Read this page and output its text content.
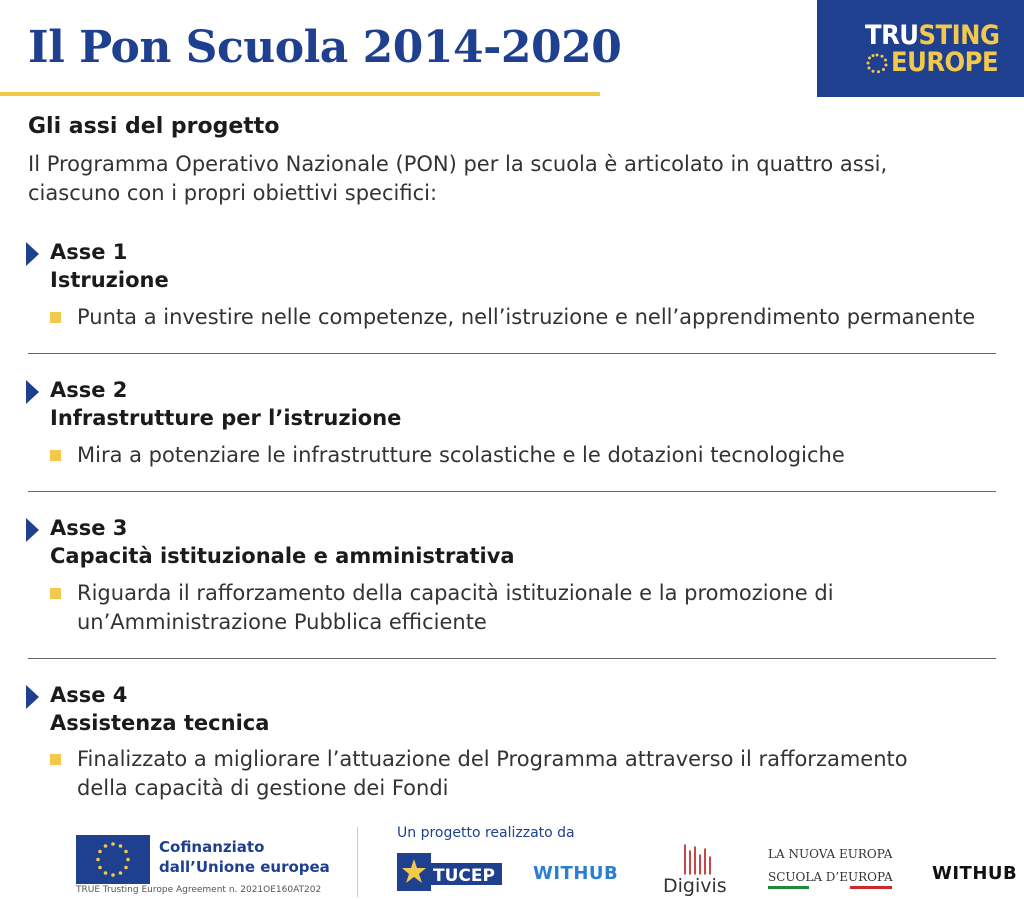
Il Pon Scuola 2014-2020	TRUSTING
EUROPE
Gli assi del progetto

Il Programma Operativo Nazionale (PON) per la scuola è articolato in quattro assi, ciascuno con i propri obiettivi specifici:

Asse 1
Istruzione
Punta a investire nelle competenze, nell’istruzione e nell’apprendimento permanente
Asse 2
Infrastrutture per l’istruzione
Mira a potenziare le infrastrutture scolastiche e le dotazioni tecnologiche
Asse 3
Capacità istituzionale e amministrativa
Riguarda il rafforzamento della capacità istituzionale e la promozione di un’Amministrazione Pubblica efficiente
Asse 4
Assistenza tecnica
Finalizzato a migliorare l’attuazione del Programma attraverso il rafforzamento della capacità di gestione dei Fondi
Cofinanziato
dall’Unione europea
TRUE Trusting Europe Agreement n. 2021OE160AT202
Un progetto realizzato da
TUCEP WITHUB
Digivis
LA NUOVA EUROPA
SCUOLA D’EUROPA WITHUB
